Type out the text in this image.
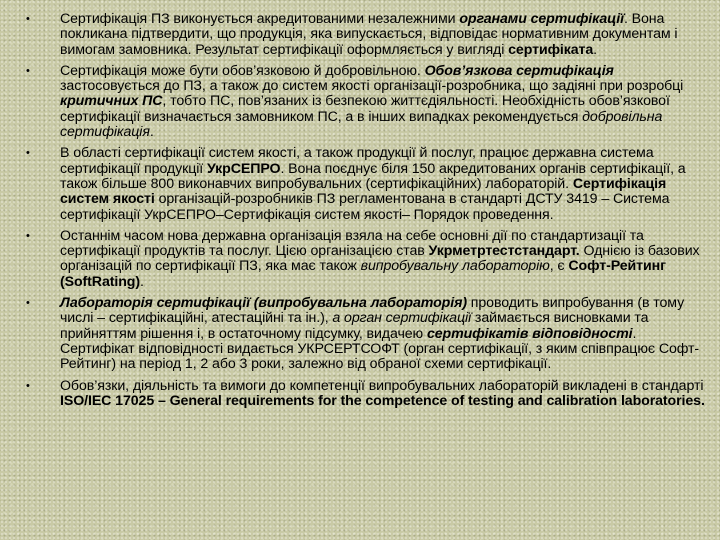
•	Сертифікація ПЗ виконується акредитованими незалежними органами сертифікації. Вона покликана підтвердити, що продукція, яка випускається, відповідає нормативним документам і вимогам замовника. Результат сертифікації оформляється у вигляді сертифіката.
•	Сертифікація може бути обов’язковою й добровільною. Обов’язкова сертифікація застосовується до ПЗ, а також до систем якості організації-розробника, що задіяні при розробці критичних ПС, тобто ПС, пов’язаних із безпекою життєдіяльності. Необхідність обов’язкової сертифікації визначається замовником ПС, а в інших випадках рекомендується добровільна сертифікація.
•	В області сертифікації систем якості, а також продукції й послуг, працює державна система сертифікації продукції УкрСЕПРО. Вона поєднує біля 150 акредитованих органів сертифікації, а також більше 800 виконавчих випробувальних (сертифікаційних) лабораторій. Сертифікація систем якості організацій-розробників ПЗ регламентована в стандарті ДСТУ 3419 – Система сертифікації УкрСЕПРО–Сертифікація систем якості– Порядок проведення.
•	Останнім часом нова державна організація взяла на себе основні дії по стандартизації та сертифікації продуктів та послуг. Цією організацією став Укрметртестстандарт. Однією із базових організацій по сертифікації ПЗ, яка має також випробувальну лабораторію, є Софт-Рейтинг (SoftRating).
•	Лабораторія сертифікації (випробувальна лабораторія) проводить випробування (в тому числі – сертифікаційні, атестаційні та ін.), а орган сертифікації займається висновками та прийняттям рішення і, в остаточному підсумку, видачею сертифікатів відповідності. Сертифікат відповідності видається УКРСЕРТСОФТ (орган сертифікації, з яким співпрацює Софт-Рейтинг) на період 1, 2 або 3 роки, залежно від обраної схеми сертифікації.
•	Обов’язки, діяльність та вимоги до компетенції випробувальних лабораторій викладені в стандарті ISO/IEC 17025 – General requirements for the competence of testing and calibration laboratories.
